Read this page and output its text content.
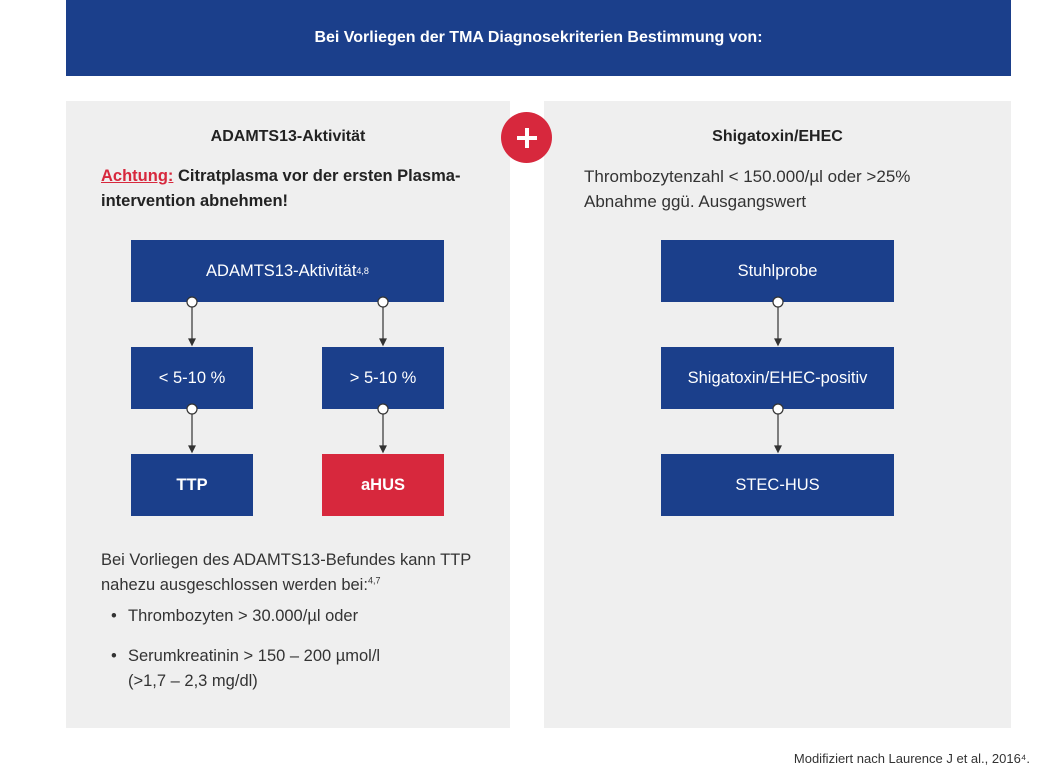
Bei Vorliegen der TMA Diagnosekriterien Bestimmung von:
ADAMTS13-Aktivität
Achtung: Citratplasma vor der ersten Plasma-intervention abnehmen!
Bei Vorliegen des ADAMTS13-Befundes kann TTP nahezu ausgeschlossen werden bei:$^{4,7}$
• Thrombozyten > 30.000/µl oder
• Serumkreatinin > 150 – 200 µmol/l
(>1,7 – 2,3 mg/dl)
Shigatoxin/EHEC
Thrombozytenzahl < 150.000/µl oder >25% Abnahme ggü. Ausgangswert
ADAMTS13-Aktivität 4,8
< 5-10 %	> 5-10 %
TTP	aHUS
Stuhlprobe
Shigatoxin/EHEC-positiv
STEC-HUS
Modifiziert nach Laurence J et al., 2016⁴.
